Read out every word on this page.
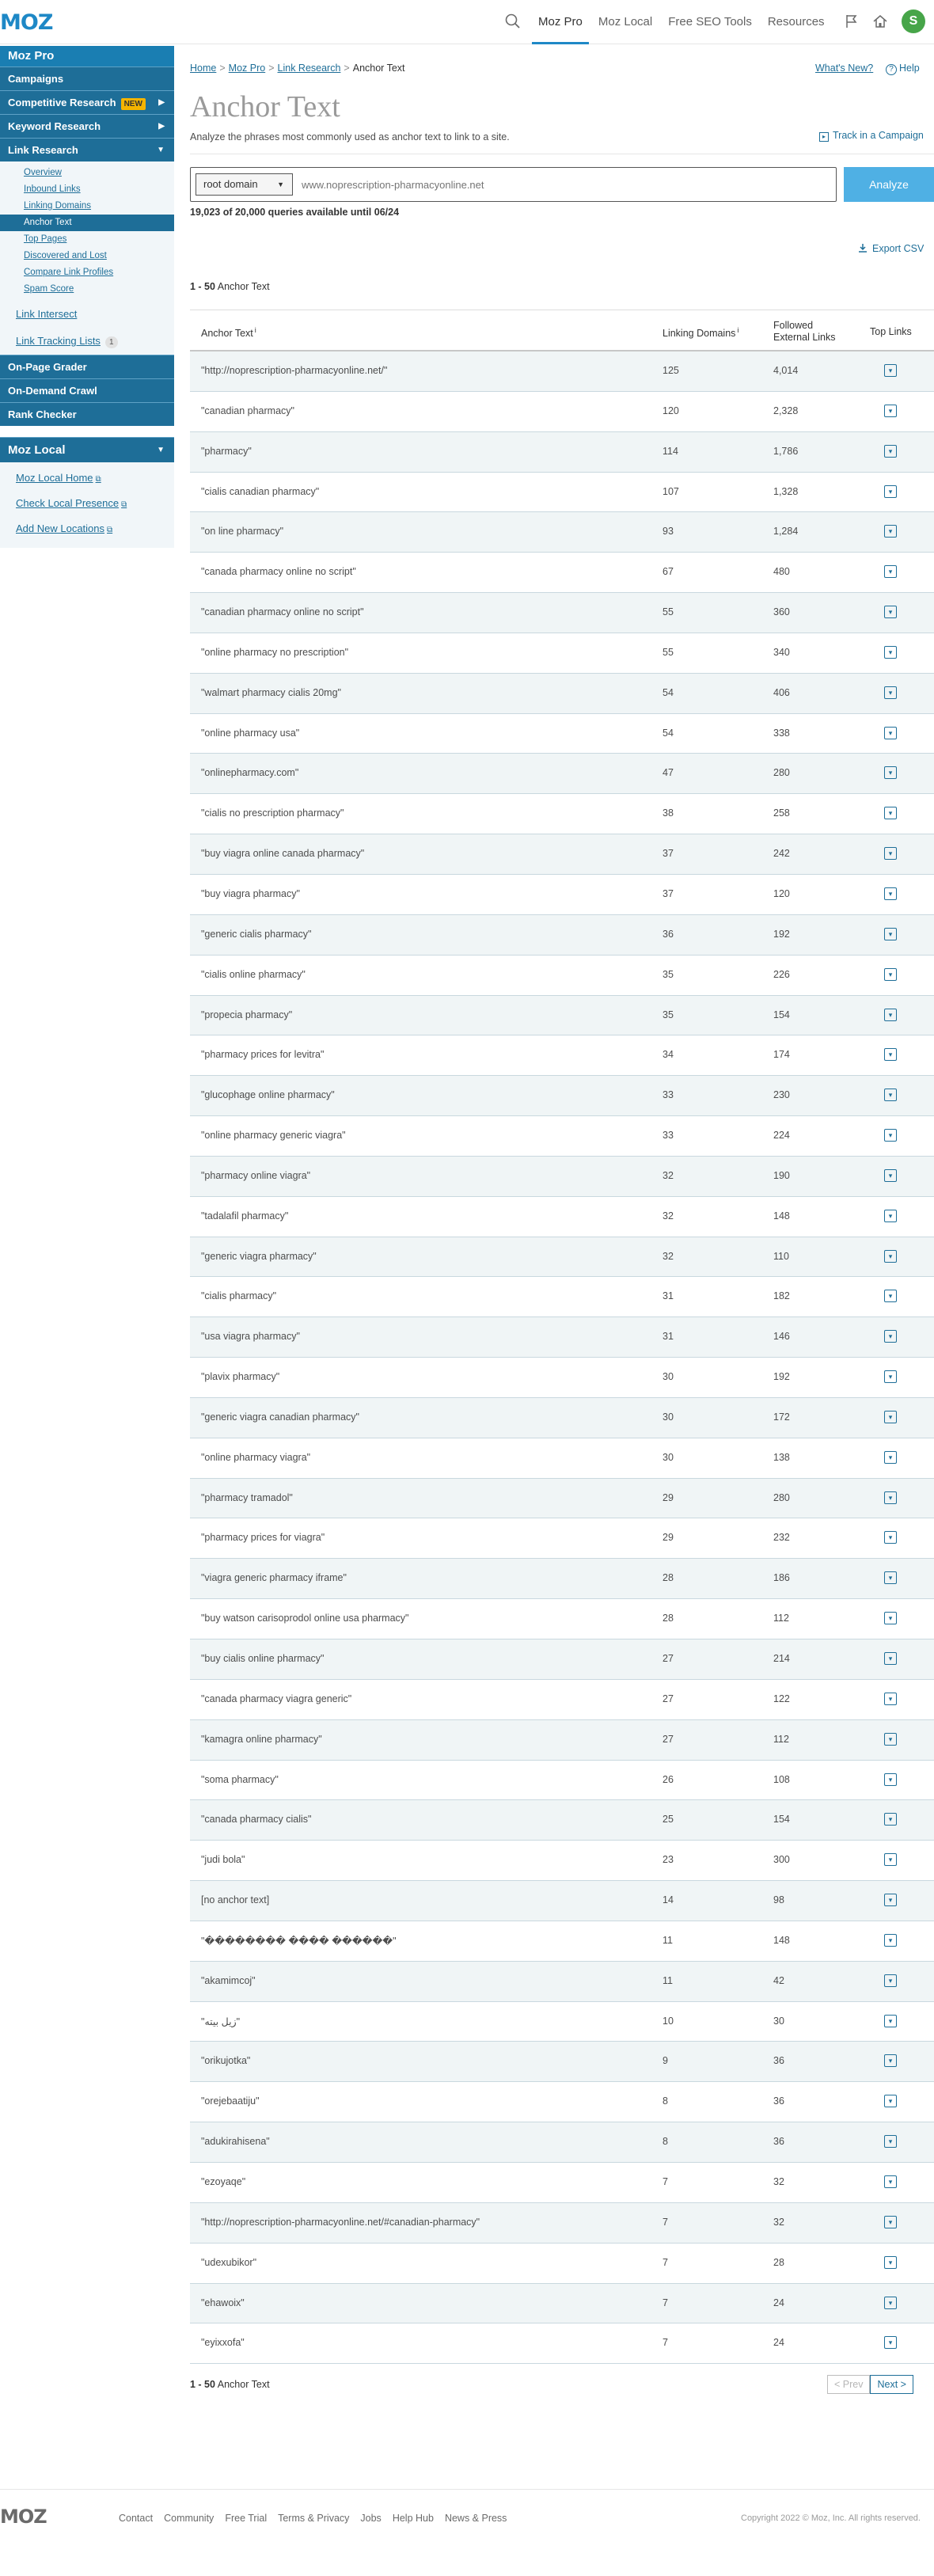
MOZ	Moz Pro	Moz Local	Free SEO Tools	Resources	S
Moz Pro
Campaigns
Competitive Research NEW ▶
Keyword Research	▶
Link Research	▼
Overview
Inbound Links
Linking Domains
Anchor Text
Top Pages
Discovered and Lost
Compare Link Profiles
Spam Score
Link Intersect
Link Tracking Lists 1
On-Page Grader
On-Demand Crawl
Rank Checker
Moz Local	▼
Moz Local Home ⧉
Check Local Presence ⧉
Add New Locations ⧉
Home > Moz Pro > Link Research > Anchor Text	What's New?	? Help
Anchor Text
Analyze the phrases most commonly used as anchor text to link to a site.	▸ Track in a Campaign
root domain	▼
www.noprescription-pharmacyonline.net	Analyze
19,023 of 20,000 queries available until 06/24
Export CSV
1 - 50 Anchor Text
Anchor Text $^i$	Linking Domains $^i$	Followed
External Links	Top Links
"http://noprescription-pharmacyonline.net/"	125	4,014	▾
"canadian pharmacy"	120	2,328	▾
"pharmacy"	114	1,786	▾
"cialis canadian pharmacy"	107	1,328	▾
"on line pharmacy"	93	1,284	▾
"canada pharmacy online no script"	67	480	▾
"canadian pharmacy online no script"	55	360	▾
"online pharmacy no prescription"	55	340	▾
"walmart pharmacy cialis 20mg"	54	406	▾
"online pharmacy usa"	54	338	▾
"onlinepharmacy.com"	47	280	▾
"cialis no prescription pharmacy"	38	258	▾
"buy viagra online canada pharmacy"	37	242	▾
"buy viagra pharmacy"	37	120	▾
"generic cialis pharmacy"	36	192	▾
"cialis online pharmacy"	35	226	▾
"propecia pharmacy"	35	154	▾
"pharmacy prices for levitra"	34	174	▾
"glucophage online pharmacy"	33	230	▾
"online pharmacy generic viagra"	33	224	▾
"pharmacy online viagra"	32	190	▾
"tadalafil pharmacy"	32	148	▾
"generic viagra pharmacy"	32	110	▾
"cialis pharmacy"	31	182	▾
"usa viagra pharmacy"	31	146	▾
"plavix pharmacy"	30	192	▾
"generic viagra canadian pharmacy"	30	172	▾
"online pharmacy viagra"	30	138	▾
"pharmacy tramadol"	29	280	▾
"pharmacy prices for viagra"	29	232	▾
"viagra generic pharmacy iframe"	28	186	▾
"buy watson carisoprodol online usa pharmacy"	28	112	▾
"buy cialis online pharmacy"	27	214	▾
"canada pharmacy viagra generic"	27	122	▾
"kamagra online pharmacy"	27	112	▾
"soma pharmacy"	26	108	▾
"canada pharmacy cialis"	25	154	▾
"judi bola"	23	300	▾
[no anchor text]	14	98	▾
"�������� ���� ������"	11	148	▾
"akamimcoj"	11	42	▾
"زیل بیته"	10	30	▾
"orikujotka"	9	36	▾
"orejebaatiju"	8	36	▾
"adukirahisena"	8	36	▾
"ezoyaqe"	7	32	▾
"http://noprescription-pharmacyonline.net/#canadian-pharmacy"	7	32	▾
"udexubikor"	7	28	▾
"ehawoix"	7	24	▾
"eyixxofa"	7	24	▾
1 - 50 Anchor Text	< Prev	Next >
MOZ	Contact Community Free Trial Terms & Privacy Jobs Help Hub News & Press	Copyright 2022 © Moz, Inc. All rights reserved.
